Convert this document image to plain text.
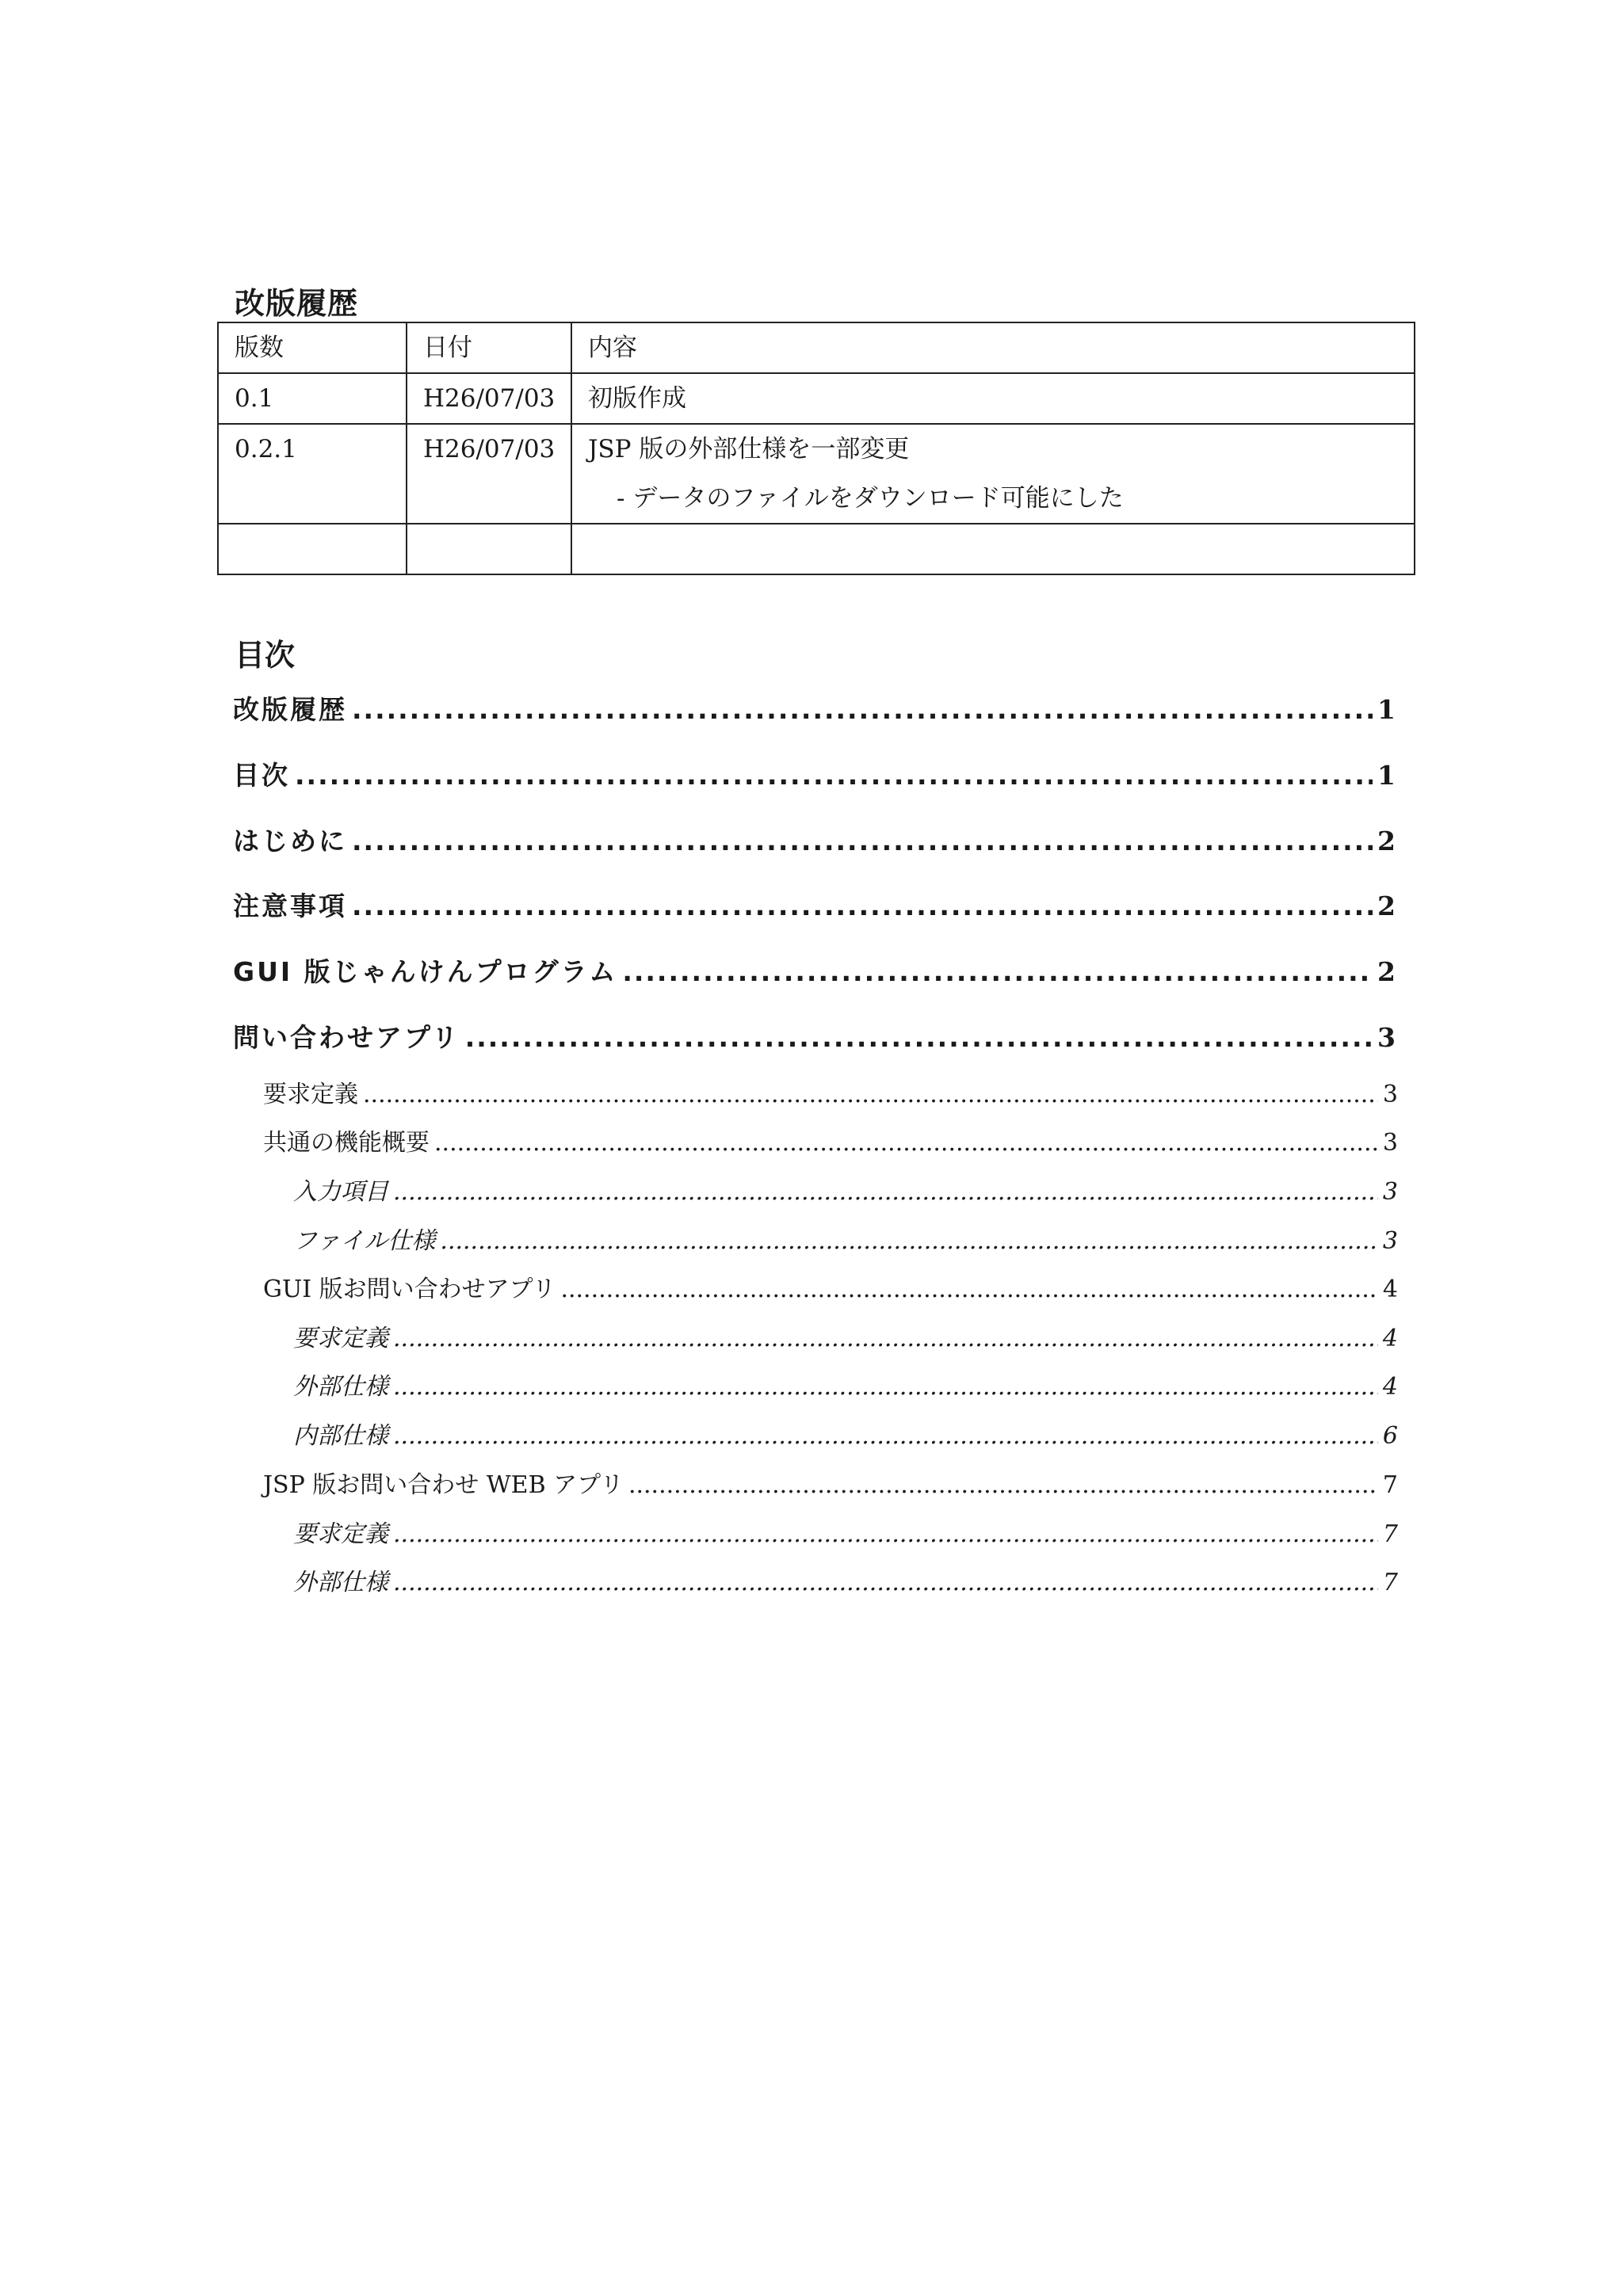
改版履歴
版数	日付	内容
0.1	H26/07/03	初版作成
0.2.1	H26/07/03	JSP 版の外部仕様を一部変更
- データのファイルをダウンロード可能にした

目次
改版履歴 .....	1
目次 .....	1
はじめに .....	2
注意事項 .....	2
GUI 版じゃんけんプログラム .....	2
問い合わせアプリ .....	3
要求定義 .....	3
共通の機能概要 .....	3
入力項目 .....	3
ファイル仕様 .....	3
GUI 版お問い合わせアプリ .....	4
要求定義 .....	4
外部仕様 .....	4
内部仕様 .....	6
JSP 版お問い合わせ WEB アプリ .....	7
要求定義 .....	7
外部仕様 .....	7
